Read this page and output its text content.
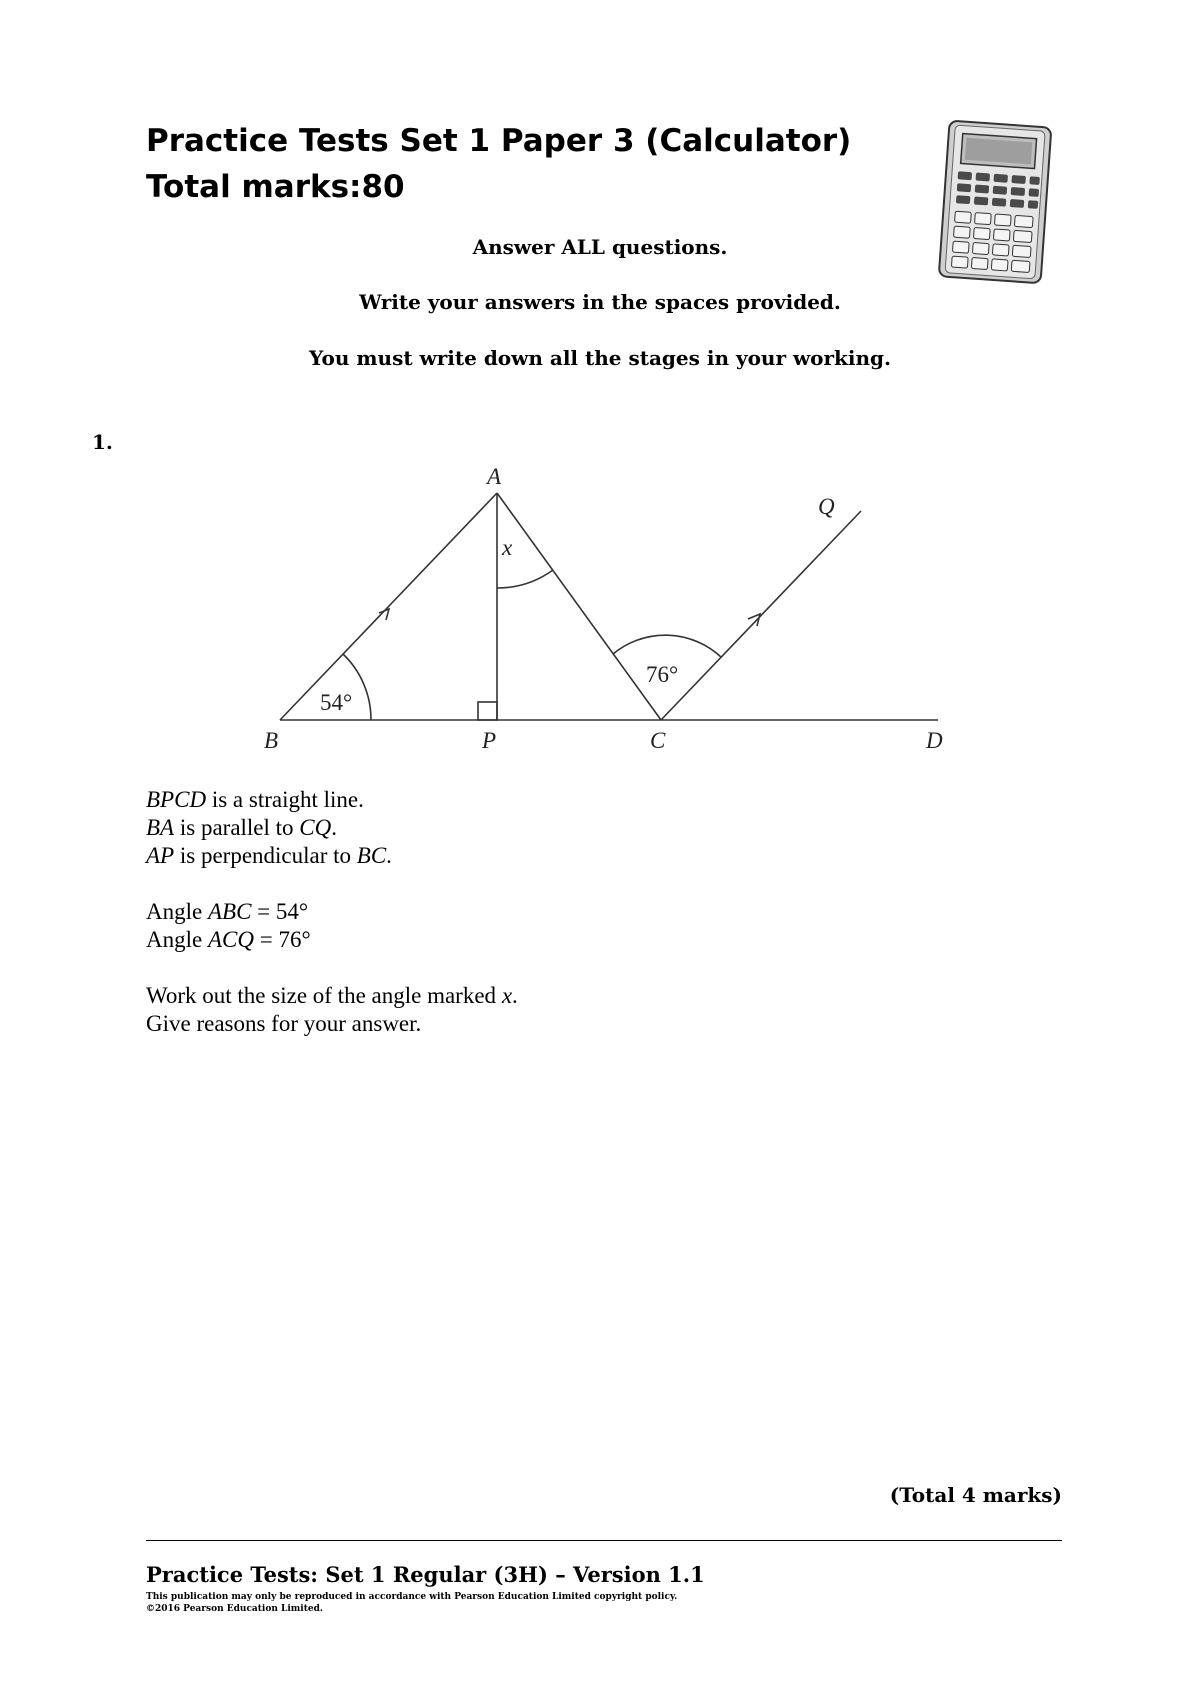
Practice Tests Set 1 Paper 3 (Calculator)
Total marks:80
Answer ALL questions.
Write your answers in the spaces provided.
You must write down all the stages in your working.
1.
A
B	P	C	D
Q
x
54°
76°
BPCD is a straight line.
BA is parallel to CQ.
AP is perpendicular to BC.
Angle ABC = 54°
Angle ACQ = 76°
Work out the size of the angle marked x.
Give reasons for your answer.
(Total 4 marks)
Practice Tests: Set 1 Regular (3H) – Version 1.1
This publication may only be reproduced in accordance with Pearson Education Limited copyright policy.
©2016 Pearson Education Limited.
